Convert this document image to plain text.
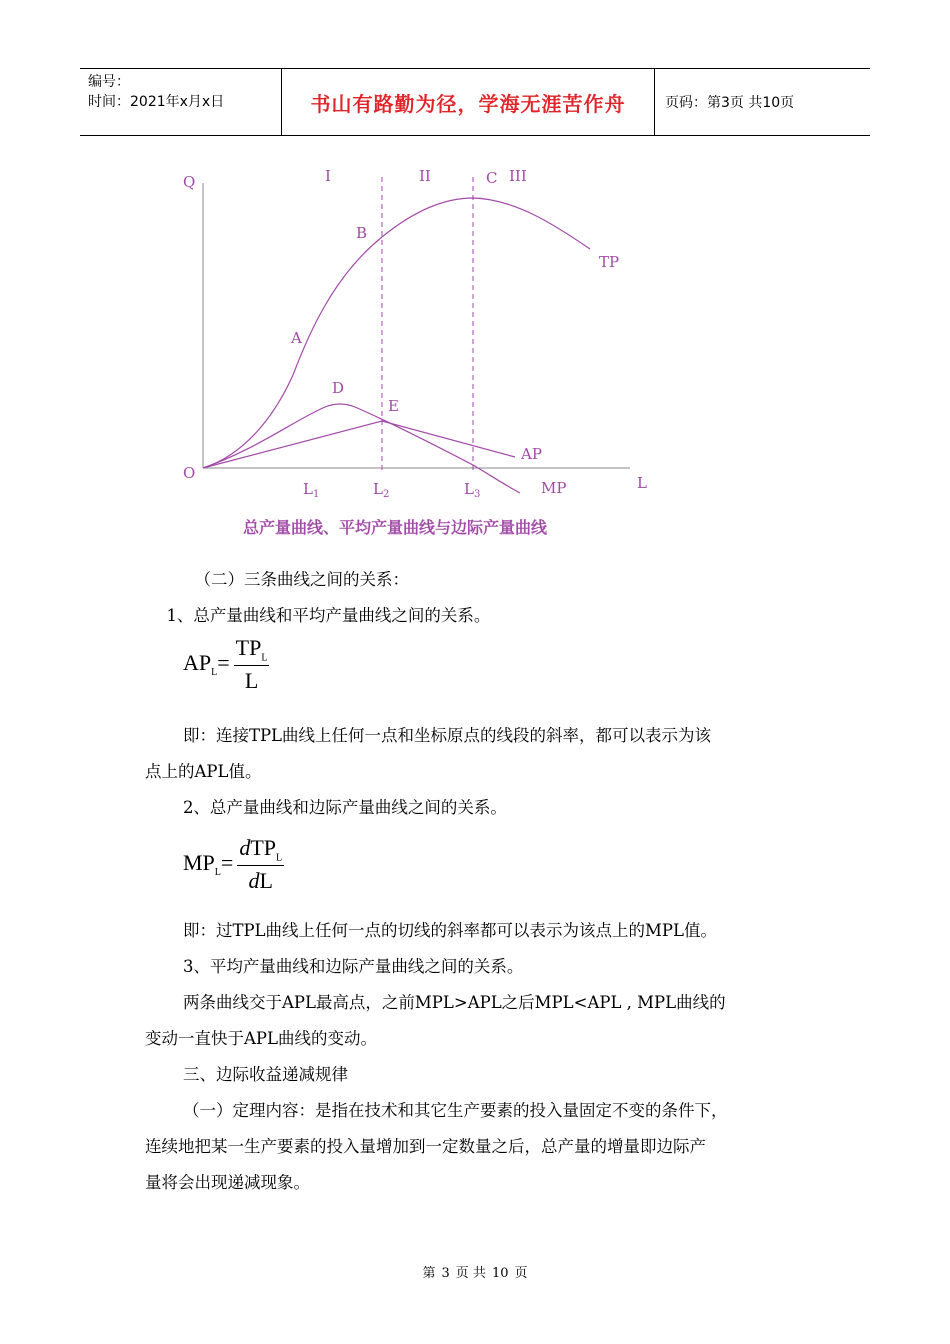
编号：
时间：2021年x月x日	书山有路勤为径，学海无涯苦作舟	页码：第3页 共10页
Q
O
L
I	II	C III
B
A
TP
D
E
AP
MP
$L_1$	$L_2$	$L_3$
总产量曲线、平均产量曲线与边际产量曲线
（二）三条曲线之间的关系：
1、总产量曲线和平均产量曲线之间的关系。
$AP_L= \frac{TP_L}{L}$
即：连接TPL曲线上任何一点和坐标原点的线段的斜率，都可以表示为该
点上的APL值。
2、总产量曲线和边际产量曲线之间的关系。
$MP_L= \frac{dTP_L}{dL}$
即：过TPL曲线上任何一点的切线的斜率都可以表示为该点上的MPL值。
3、平均产量曲线和边际产量曲线之间的关系。
两条曲线交于APL最高点，之前MPL>APL之后MPL<APL , MPL曲线的
变动一直快于APL曲线的变动。
三、边际收益递减规律
（一）定理内容：是指在技术和其它生产要素的投入量固定不变的条件下，
连续地把某一生产要素的投入量增加到一定数量之后，总产量的增量即边际产
量将会出现递减现象。
第 3 页 共 10 页
